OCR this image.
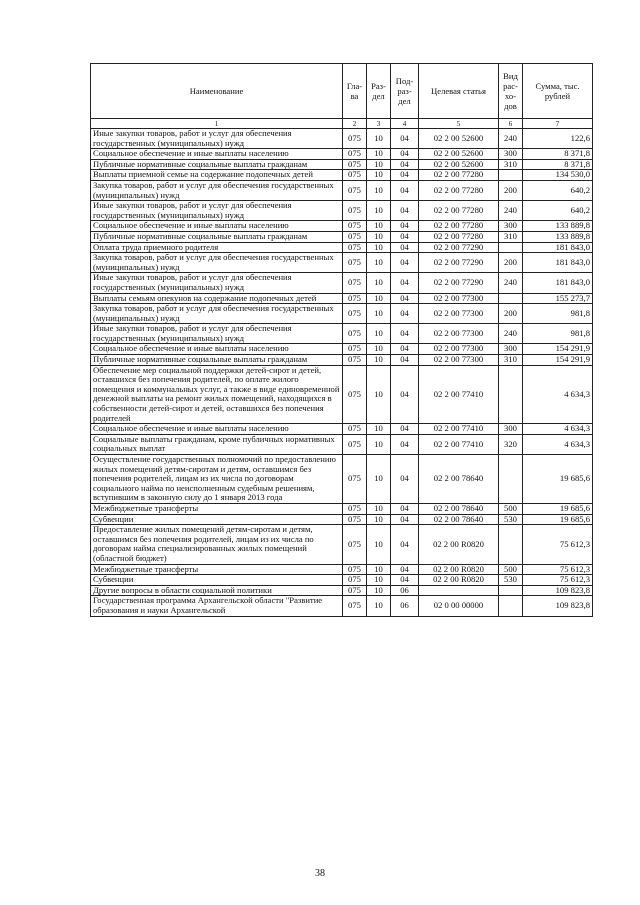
Наименование	Гла-ва	Раз-дел	Под-раз-дел	Целевая статья	Вид рас-хо-дов	Сумма, тыс. рублей
1	2	3	4	5	6	7
Иные закупки товаров, работ и услуг для обеспечения государственных (муниципальных) нужд	075	10	04	02 2 00 52600	240	122,6
Социальное обеспечение и иные выплаты населению	075	10	04	02 2 00 52600	300	8 371,8
Публичные нормативные социальные выплаты гражданам	075	10	04	02 2 00 52600	310	8 371,8
Выплаты приемной семье на содержание подопечных детей	075	10	04	02 2 00 77280		134 530,0
Закупка товаров, работ и услуг для обеспечения государственных (муниципальных) нужд	075	10	04	02 2 00 77280	200	640,2
Иные закупки товаров, работ и услуг для обеспечения государственных (муниципальных) нужд	075	10	04	02 2 00 77280	240	640,2
Социальное обеспечение и иные выплаты населению	075	10	04	02 2 00 77280	300	133 889,8
Публичные нормативные социальные выплаты гражданам	075	10	04	02 2 00 77280	310	133 889,8
Оплата труда приемного родителя	075	10	04	02 2 00 77290		181 843,0
Закупка товаров, работ и услуг для обеспечения государственных (муниципальных) нужд	075	10	04	02 2 00 77290	200	181 843,0
Иные закупки товаров, работ и услуг для обеспечения государственных (муниципальных) нужд	075	10	04	02 2 00 77290	240	181 843,0
Выплаты семьям опекунов на содержание подопечных детей	075	10	04	02 2 00 77300		155 273,7
Закупка товаров, работ и услуг для обеспечения государственных (муниципальных) нужд	075	10	04	02 2 00 77300	200	981,8
Иные закупки товаров, работ и услуг для обеспечения государственных (муниципальных) нужд	075	10	04	02 2 00 77300	240	981,8
Социальное обеспечение и иные выплаты населению	075	10	04	02 2 00 77300	300	154 291,9
Публичные нормативные социальные выплаты гражданам	075	10	04	02 2 00 77300	310	154 291,9
Обеспечение мер социальной поддержки детей-сирот и детей, оставшихся без попечения родителей, по оплате жилого помещения и коммунальных услуг, а также в виде единовременной денежной выплаты на ремонт жилых помещений, находящихся в собственности детей-сирот и детей, оставшихся без попечения родителей	075	10	04	02 2 00 77410		4 634,3
Социальное обеспечение и иные выплаты населению	075	10	04	02 2 00 77410	300	4 634,3
Социальные выплаты гражданам, кроме публичных нормативных социальных выплат	075	10	04	02 2 00 77410	320	4 634,3
Осуществление государственных полномочий по предоставлению жилых помещений детям-сиротам и детям, оставшимся без попечения родителей, лицам из их числа по договорам социального найма по неисполненным судебным решениям, вступившим в законную силу до 1 января 2013 года	075	10	04	02 2 00 78640		19 685,6
Межбюджетные трансферты	075	10	04	02 2 00 78640	500	19 685,6
Субвенции	075	10	04	02 2 00 78640	530	19 685,6
Предоставление жилых помещений детям-сиротам и детям, оставшимся без попечения родителей, лицам из их числа по договорам найма специализированных жилых помещений (областной бюджет)	075	10	04	02 2 00 R0820		75 612,3
Межбюджетные трансферты	075	10	04	02 2 00 R0820	500	75 612,3
Субвенции	075	10	04	02 2 00 R0820	530	75 612,3
Другие вопросы в области социальной политики	075	10	06			109 823,8
Государственная программа Архангельской области "Развитие образования и науки Архангельской	075	10	06	02 0 00 00000		109 823,8
38
